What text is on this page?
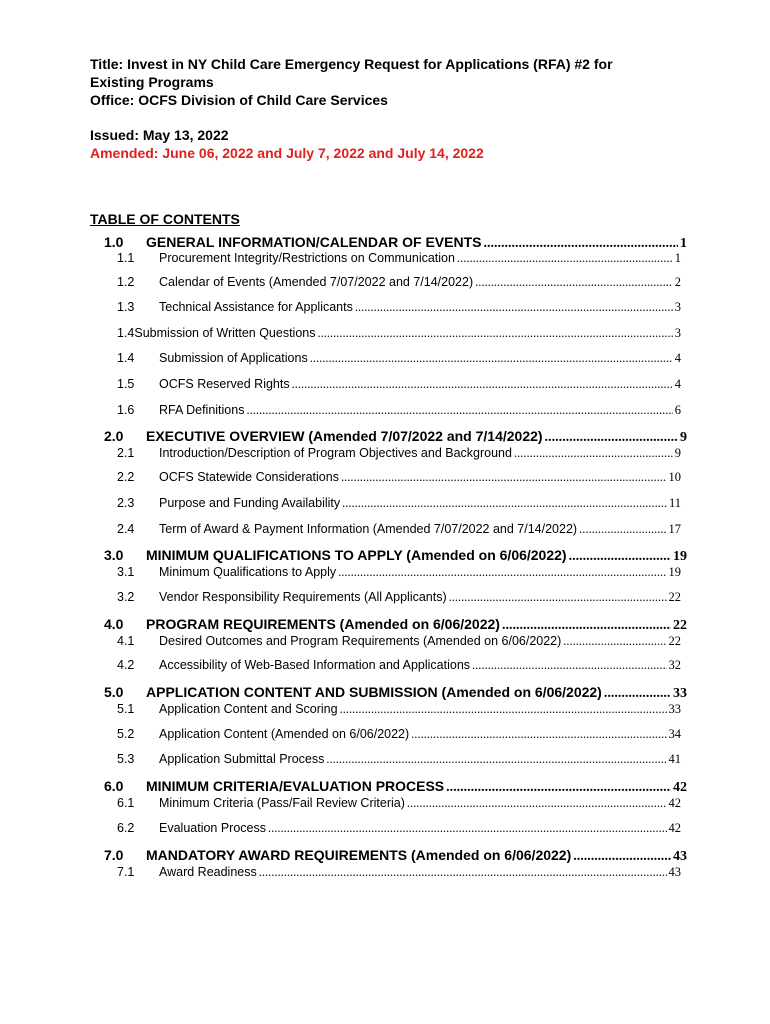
Title: Invest in NY Child Care Emergency Request for Applications (RFA) #2 for

Existing Programs

Office: OCFS Division of Child Care Services

Issued: May 13, 2022

Amended: June 06, 2022 and July 7, 2022 and July 14, 2022

TABLE OF CONTENTS

1.0	GENERAL INFORMATION/CALENDAR OF EVENTS .....	1
1.1	Procurement Integrity/Restrictions on Communication .....	1
1.2	Calendar of Events (Amended 7/07/2022 and 7/14/2022) .....	2
1.3	Technical Assistance for Applicants .....	3
1.4 Submission of Written Questions .....	3
1.4	Submission of Applications .....	4
1.5	OCFS Reserved Rights .....	4
1.6	RFA Definitions .....	6
2.0	EXECUTIVE OVERVIEW (Amended 7/07/2022 and 7/14/2022) .....	9
2.1	Introduction/Description of Program Objectives and Background .....	9
2.2	OCFS Statewide Considerations .....	10
2.3	Purpose and Funding Availability .....	11
2.4	Term of Award & Payment Information (Amended 7/07/2022 and 7/14/2022) .....	17
3.0	MINIMUM QUALIFICATIONS TO APPLY (Amended on 6/06/2022) .....	19
3.1	Minimum Qualifications to Apply .....	19
3.2	Vendor Responsibility Requirements (All Applicants) .....	22
4.0	PROGRAM REQUIREMENTS (Amended on 6/06/2022) .....	22
4.1	Desired Outcomes and Program Requirements (Amended on 6/06/2022) .....	22
4.2	Accessibility of Web-Based Information and Applications .....	32
5.0	APPLICATION CONTENT AND SUBMISSION (Amended on 6/06/2022) .....	33
5.1	Application Content and Scoring .....	33
5.2	Application Content (Amended on 6/06/2022) .....	34
5.3	Application Submittal Process .....	41
6.0	MINIMUM CRITERIA/EVALUATION PROCESS .....	42
6.1	Minimum Criteria (Pass/Fail Review Criteria) .....	42
6.2	Evaluation Process .....	42
7.0	MANDATORY AWARD REQUIREMENTS (Amended on 6/06/2022) .....	43
7.1	Award Readiness .....	43
